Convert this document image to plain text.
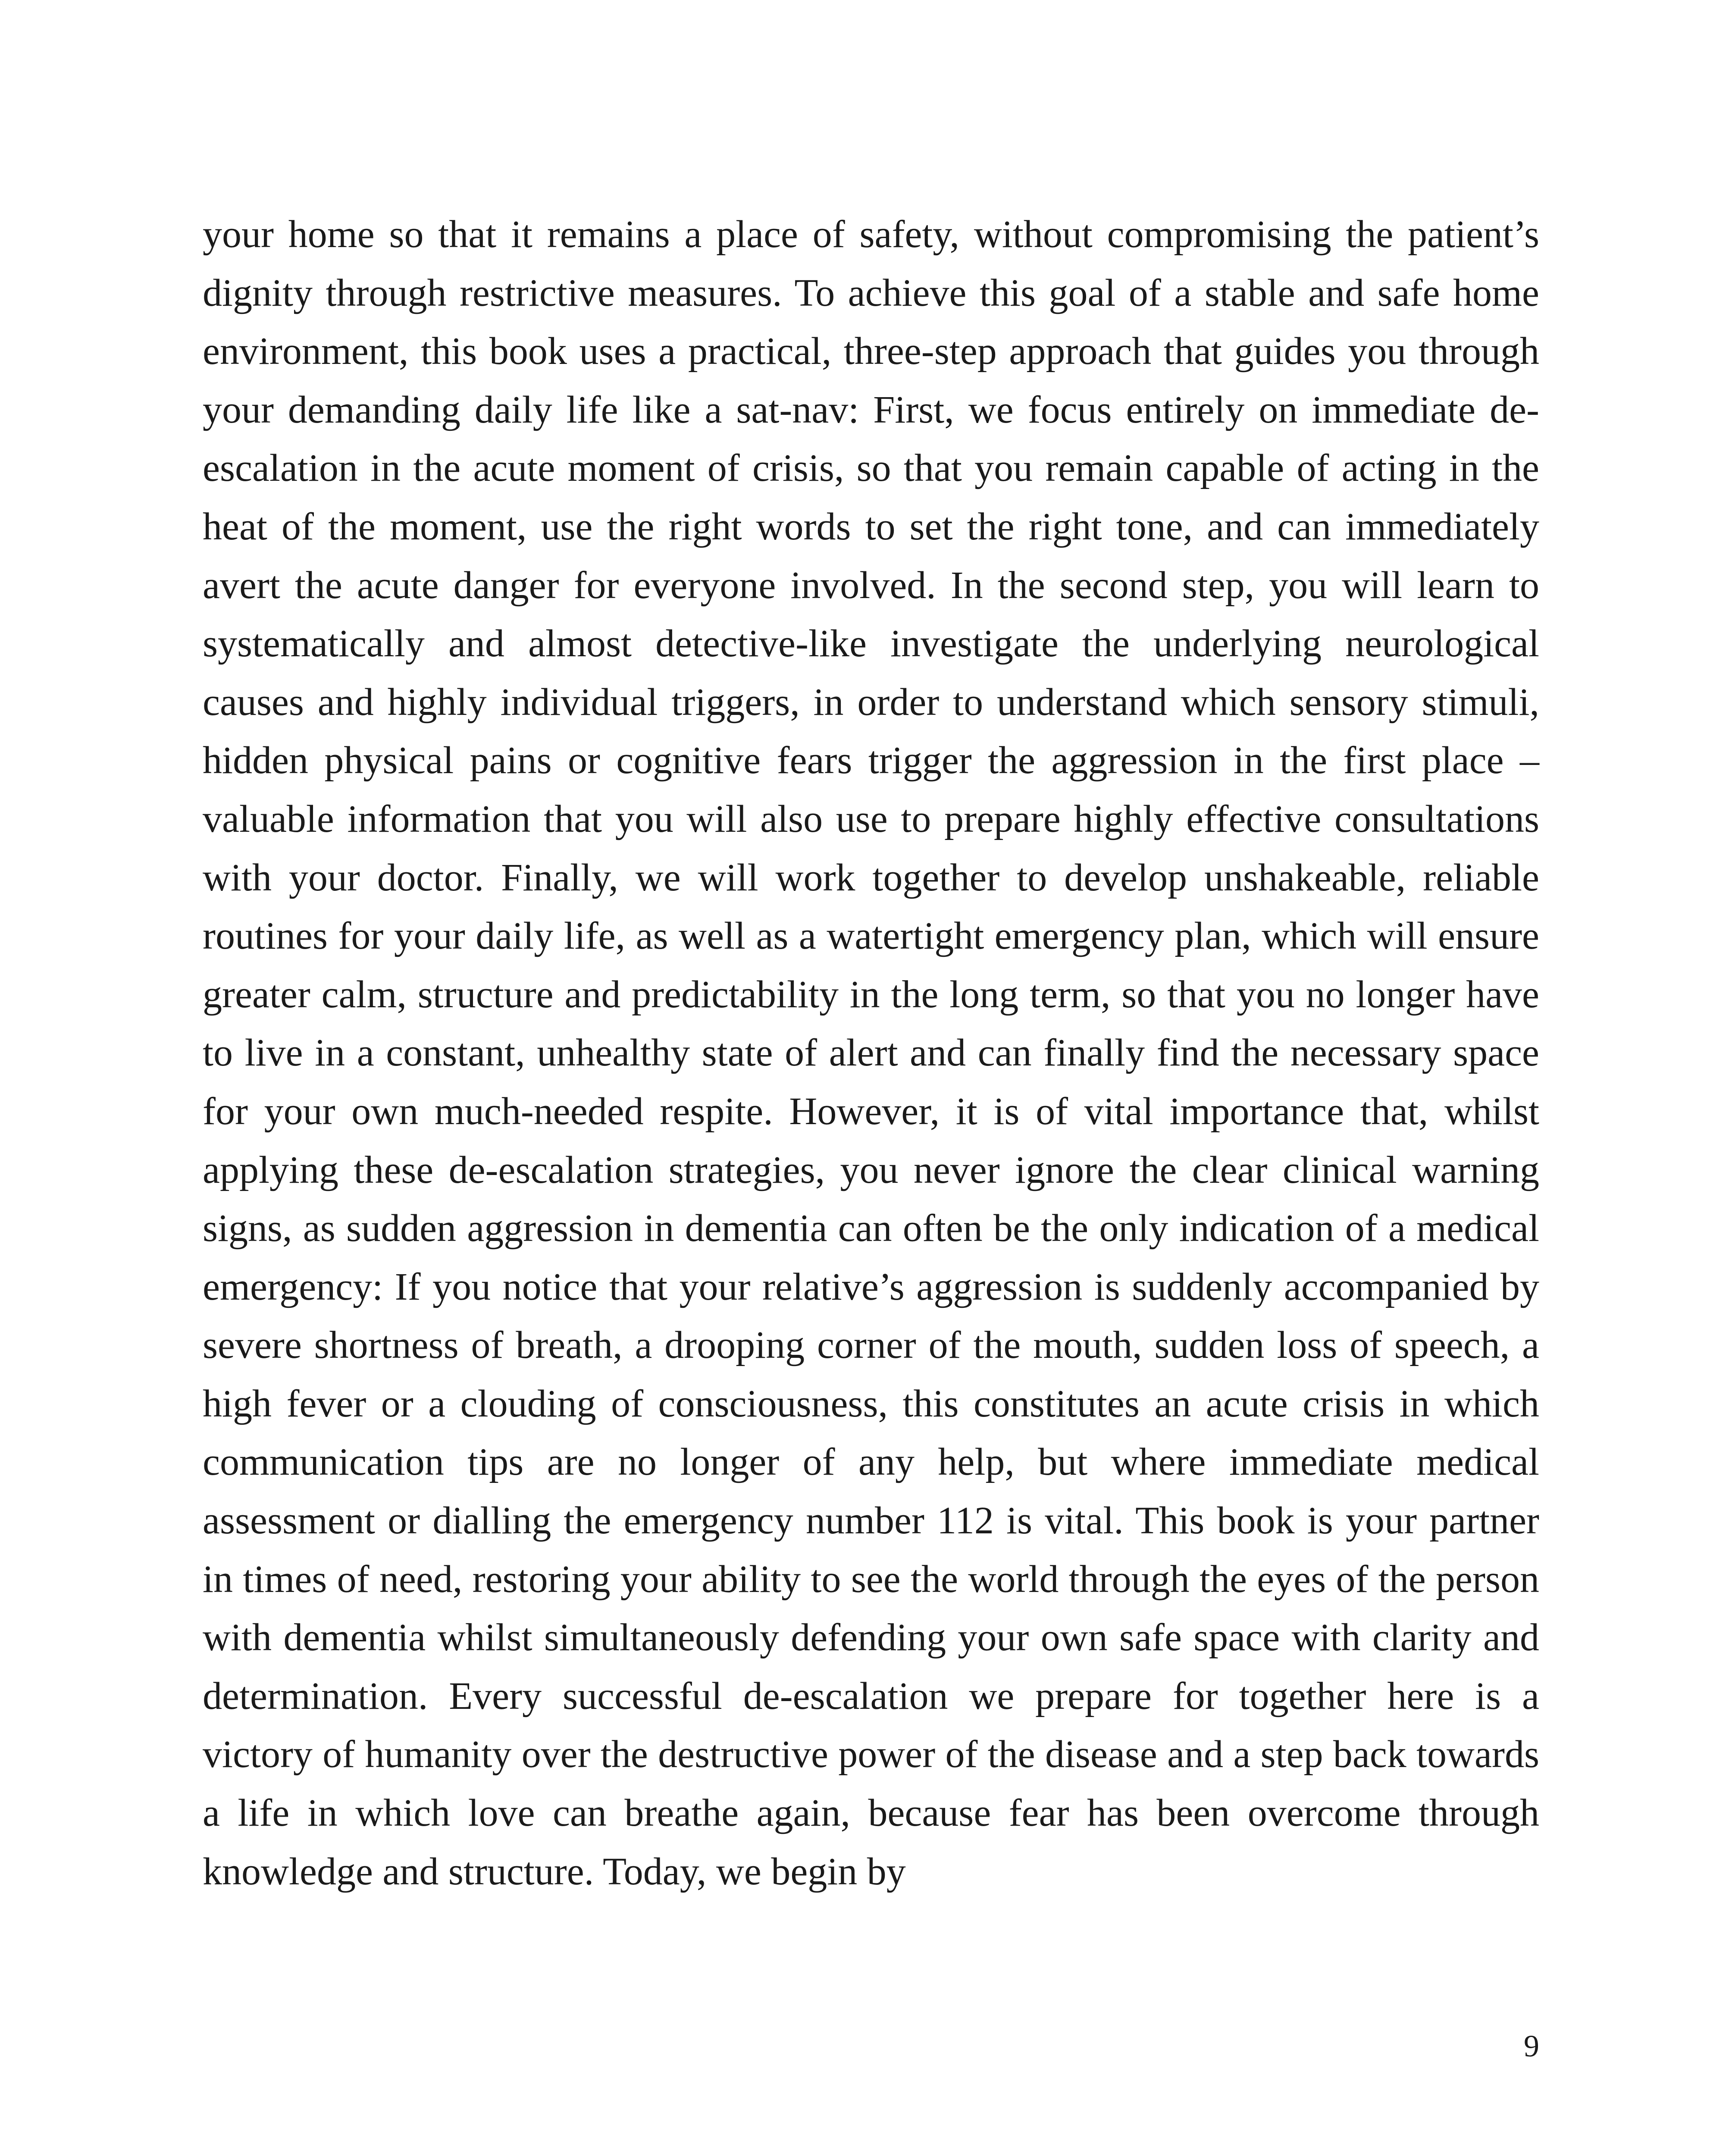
your home so that it remains a place of safety, without compromising the patient’s dignity through restrictive measures. To achieve this goal of a stable and safe home environment, this book uses a practical, three-step approach that guides you through your demanding daily life like a sat-nav: First, we focus entirely on immediate de-escalation in the acute moment of crisis, so that you remain capable of acting in the heat of the moment, use the right words to set the right tone, and can immediately avert the acute danger for everyone involved. In the second step, you will learn to systematically and almost detective-like investigate the underlying neurological causes and highly individual triggers, in order to understand which sensory stimuli, hidden physical pains or cognitive fears trigger the aggression in the first place – valuable information that you will also use to prepare highly effective consultations with your doctor. Finally, we will work together to develop unshakeable, reliable routines for your daily life, as well as a watertight emergency plan, which will ensure greater calm, structure and predictability in the long term, so that you no longer have to live in a constant, unhealthy state of alert and can finally find the necessary space for your own much-needed respite. However, it is of vital importance that, whilst applying these de-escalation strategies, you never ignore the clear clinical warning signs, as sudden aggression in dementia can often be the only indication of a medical emergency: If you notice that your relative’s aggression is suddenly accompanied by severe shortness of breath, a drooping corner of the mouth, sudden loss of speech, a high fever or a clouding of consciousness, this constitutes an acute crisis in which communication tips are no longer of any help, but where immediate medical assessment or dialling the emergency number 112 is vital. This book is your partner in times of need, restoring your ability to see the world through the eyes of the person with dementia whilst simultaneously defending your own safe space with clarity and determination. Every successful de-escalation we prepare for together here is a victory of humanity over the destructive power of the disease and a step back towards a life in which love can breathe again, because fear has been overcome through knowledge and structure. Today, we begin by

9
